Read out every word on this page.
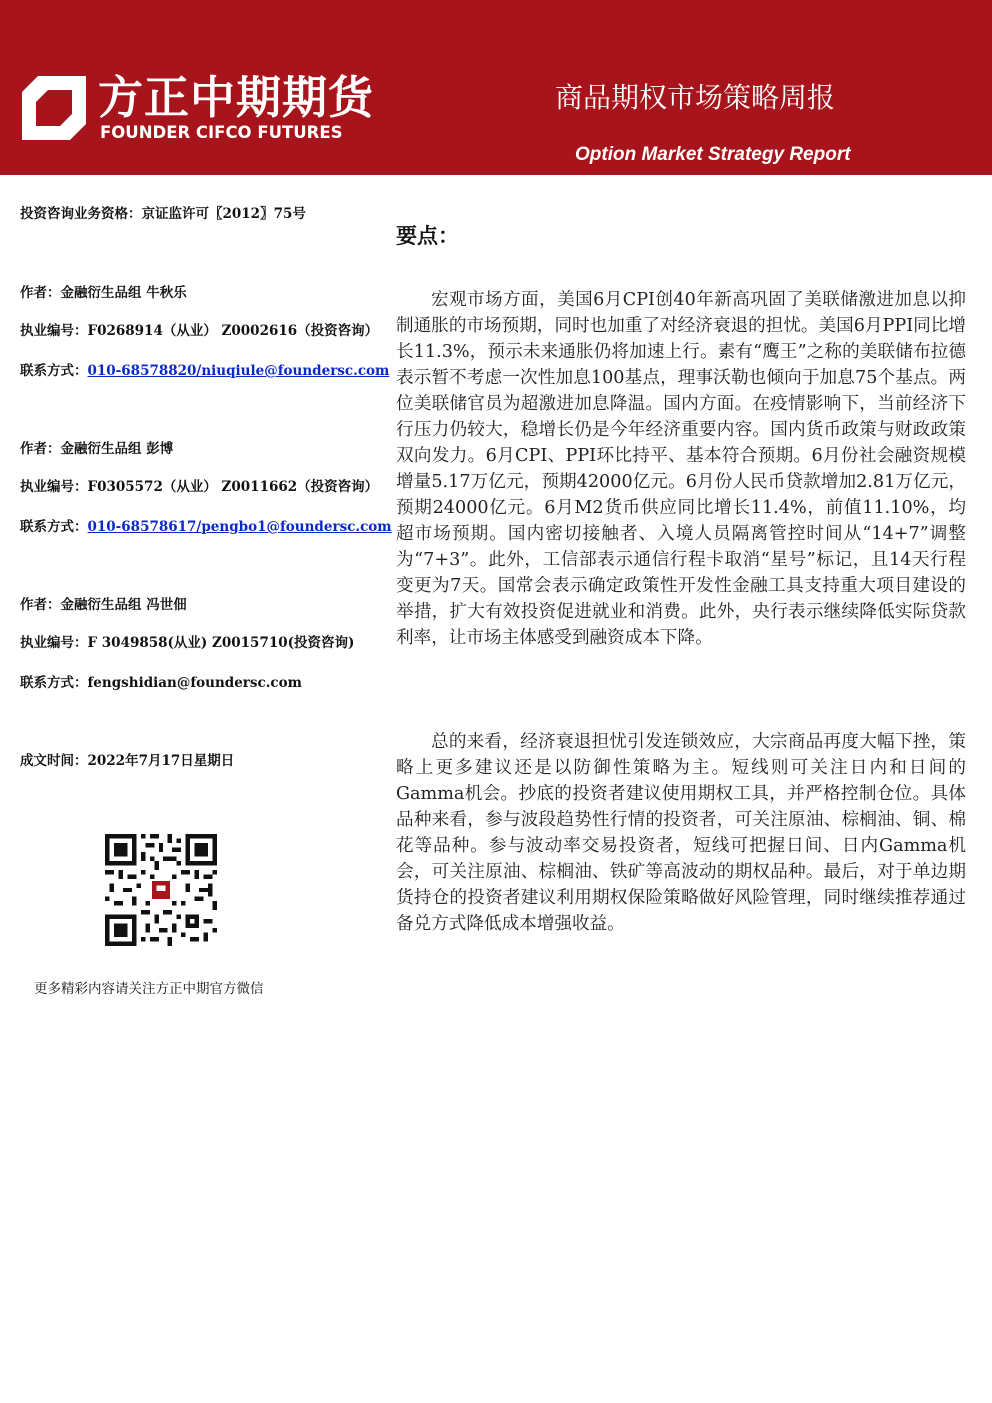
方正中期期货
FOUNDER CIFCO FUTURES
商品期权市场策略周报
Option Market Strategy Report
投资咨询业务资格：京证监许可〖2012〗75号
作者：金融衍生品组 牛秋乐
执业编号：F0268914（从业） Z0002616（投资咨询）
联系方式：010-68578820/niuqiule@foundersc.com
作者：金融衍生品组 彭博
执业编号：F0305572（从业） Z0011662（投资咨询）
联系方式：010-68578617/pengbo1@foundersc.com
作者：金融衍生品组 冯世佃
执业编号：F 3049858(从业) Z0015710(投资咨询)
联系方式：fengshidian@foundersc.com
成文时间：2022年7月17日星期日
更多精彩内容请关注方正中期官方微信
要点：

宏观市场方面，美国6月CPI创40年新高巩固了美联储激进加息以抑制通胀的市场预期，同时也加重了对经济衰退的担忧。美国6月PPI同比增长11.3%，预示未来通胀仍将加速上行。素有“鹰王”之称的美联储布拉德表示暂不考虑一次性加息100基点，理事沃勒也倾向于加息75个基点。两位美联储官员为超激进加息降温。国内方面。在疫情影响下，当前经济下行压力仍较大，稳增长仍是今年经济重要内容。国内货币政策与财政政策双向发力。6月CPI、PPI环比持平、基本符合预期。6月份社会融资规模增量5.17万亿元，预期42000亿元。6月份人民币贷款增加2.81万亿元，预期24000亿元。6月M2货币供应同比增长11.4%，前值11.10%，均超市场预期。国内密切接触者、入境人员隔离管控时间从“14+7”调整为“7+3”。此外，工信部表示通信行程卡取消“星号”标记，且14天行程变更为7天。国常会表示确定政策性开发性金融工具支持重大项目建设的举措，扩大有效投资促进就业和消费。此外，央行表示继续降低实际贷款利率，让市场主体感受到融资成本下降。

总的来看，经济衰退担忧引发连锁效应，大宗商品再度大幅下挫，策略上更多建议还是以防御性策略为主。短线则可关注日内和日间的Gamma机会。抄底的投资者建议使用期权工具，并严格控制仓位。具体品种来看，参与波段趋势性行情的投资者，可关注原油、棕榈油、铜、棉花等品种。参与波动率交易投资者，短线可把握日间、日内Gamma机会，可关注原油、棕榈油、铁矿等高波动的期权品种。最后，对于单边期货持仓的投资者建议利用期权保险策略做好风险管理，同时继续推荐通过备兑方式降低成本增强收益。
